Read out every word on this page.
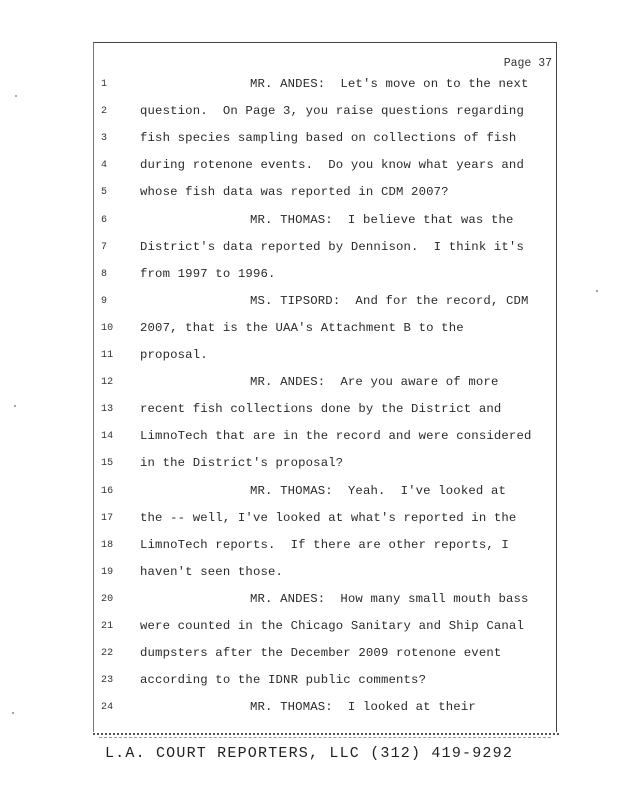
Page 37
1	MR. ANDES:  Let's move on to the next
2	question.  On Page 3, you raise questions regarding
3	fish species sampling based on collections of fish
4	during rotenone events.  Do you know what years and
5	whose fish data was reported in CDM 2007?
6	MR. THOMAS:  I believe that was the
7	District's data reported by Dennison.  I think it's
8	from 1997 to 1996.
9	MS. TIPSORD:  And for the record, CDM
10	2007, that is the UAA's Attachment B to the
11	proposal.
12	MR. ANDES:  Are you aware of more
13	recent fish collections done by the District and
14	LimnoTech that are in the record and were considered
15	in the District's proposal?
16	MR. THOMAS:  Yeah.  I've looked at
17	the -- well, I've looked at what's reported in the
18	LimnoTech reports.  If there are other reports, I
19	haven't seen those.
20	MR. ANDES:  How many small mouth bass
21	were counted in the Chicago Sanitary and Ship Canal
22	dumpsters after the December 2009 rotenone event
23	according to the IDNR public comments?
24	MR. THOMAS:  I looked at their
L.A. COURT REPORTERS, LLC (312) 419-9292
